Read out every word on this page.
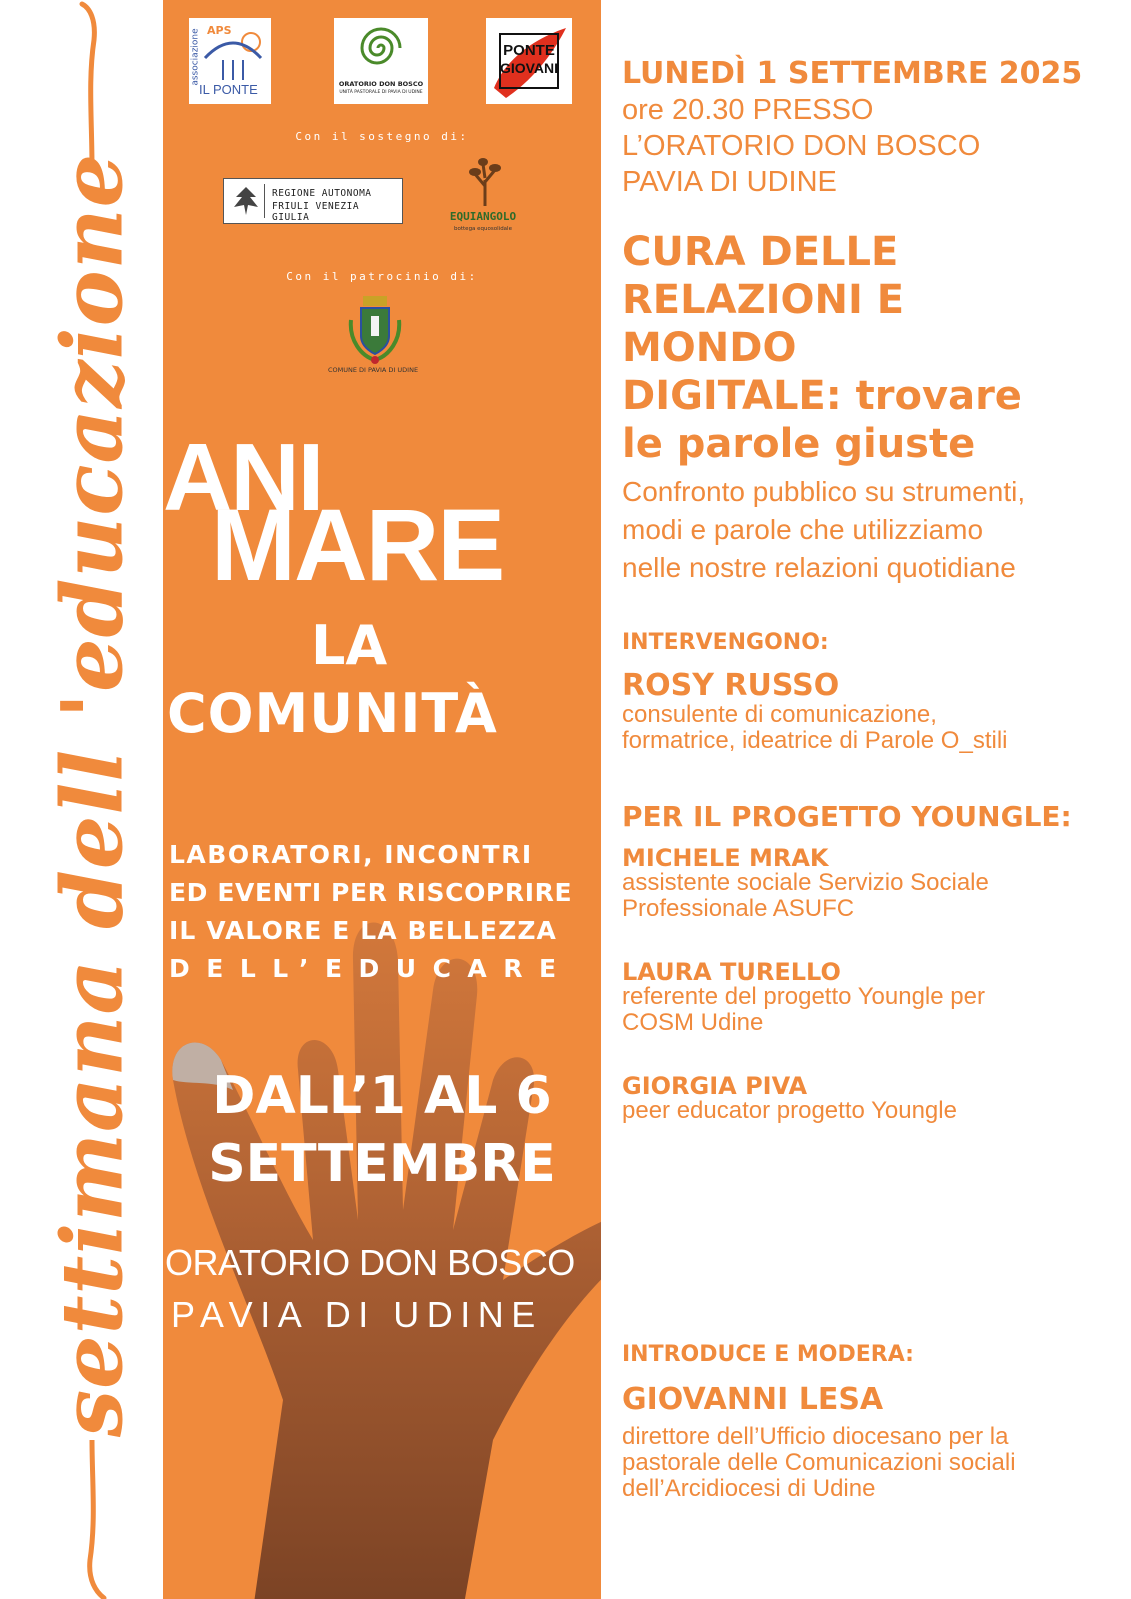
settimana dell 'educazione
APS
IL PONTE
associazione	ORATORIO DON BOSCO
UNITÀ PASTORALE DI PAVIA DI UDINE
PONTE
GIOVANI
Con il sostegno di:
REGIONE AUTONOMA
FRIULI VENEZIA GIULIA	EQUIANGOLO
bottega equosolidale
Con il patrocinio di:
COMUNE DI PAVIA DI UDINE
ANI
MARE
LA
COMUNITÀ
LABORATORI, INCONTRI
ED EVENTI PER RISCOPRIRE
IL VALORE E LA BELLEZZA
DELL’EDUCARE
DALL’1 AL 6
SETTEMBRE
ORATORIO DON BOSCO
PAVIA DI UDINE
LUNEDÌ 1 SETTEMBRE 2025
ore 20.30 PRESSO
L’ORATORIO DON BOSCO
PAVIA DI UDINE
CURA DELLE
RELAZIONI E
MONDO
DIGITALE: trovare
le parole giuste
Confronto pubblico su strumenti,
modi e parole che utilizziamo
nelle nostre relazioni quotidiane
INTERVENGONO:
ROSY RUSSO
consulente di comunicazione,
formatrice, ideatrice di Parole O_stili
PER IL PROGETTO YOUNGLE:
MICHELE MRAK
assistente sociale Servizio Sociale
Professionale ASUFC
LAURA TURELLO
referente del progetto Youngle per
COSM Udine
GIORGIA PIVA
peer educator progetto Youngle
INTRODUCE E MODERA:
GIOVANNI LESA
direttore dell’Ufficio diocesano per la
pastorale delle Comunicazioni sociali
dell’Arcidiocesi di Udine
